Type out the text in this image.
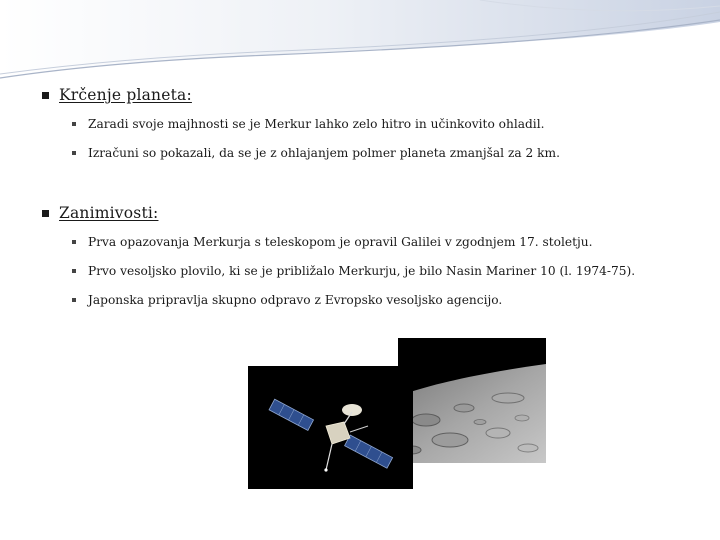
Krčenje planeta:
Zaradi svoje majhnosti se je Merkur lahko zelo hitro in učinkovito ohladil.
Izračuni so pokazali, da se je z ohlajanjem polmer planeta zmanjšal za 2 km.
Zanimivosti:
Prva opazovanja Merkurja s teleskopom je opravil Galilei v zgodnjem 17. stoletju.
Prvo vesoljsko plovilo, ki se je približalo Merkurju, je bilo Nasin Mariner 10 (l. 1974-75).
Japonska pripravlja skupno odpravo z Evropsko vesoljsko agencijo.
